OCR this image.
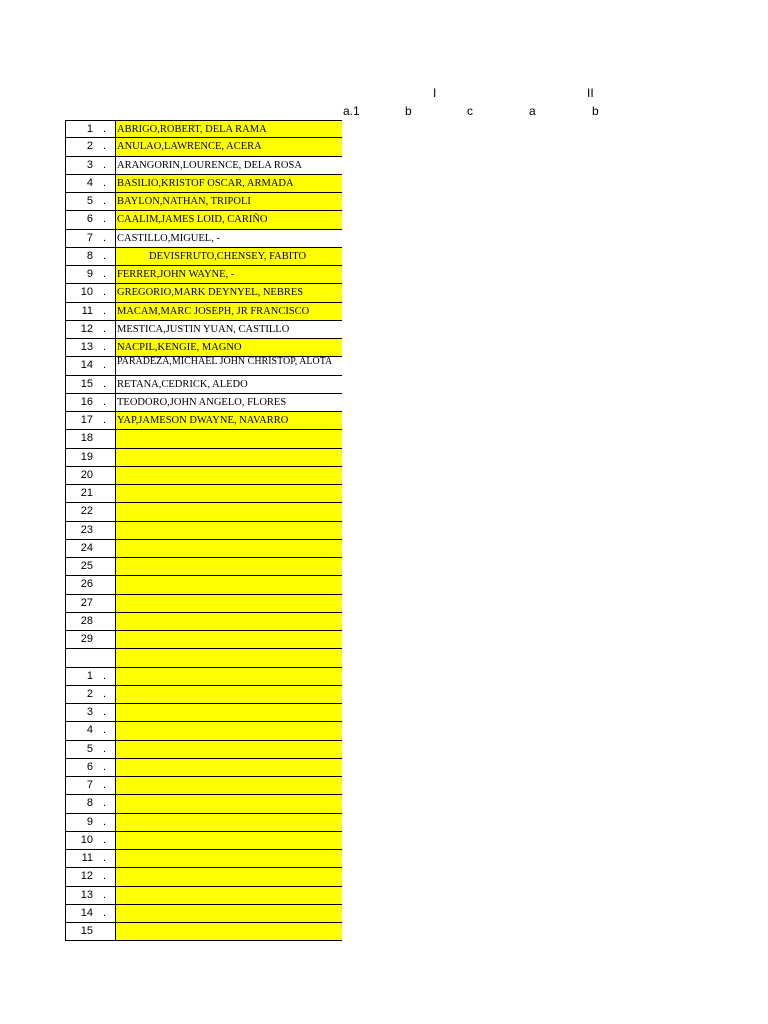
I	II
a.1	b	c	a	b
1 . ABRIGO,ROBERT, DELA RAMA
2 . ANULAO,LAWRENCE, ACERA
3 . ARANGORIN,LOURENCE, DELA ROSA
4 . BASILIO,KRISTOF OSCAR, ARMADA
5 . BAYLON,NATHAN, TRIPOLI
6 . CAALIM,JAMES LOID, CARIÑO
7 . CASTILLO,MIGUEL, -
8 .	DEVISFRUTO,CHENSEY, FABITO
9 . FERRER,JOHN WAYNE, -
10 . GREGORIO,MARK DEYNYEL, NEBRES
11 . MACAM,MARC JOSEPH, JR FRANCISCO
12 . MESTICA,JUSTIN YUAN, CASTILLO
13 . NACPIL,KENGIE, MAGNO
14 . PARADEZA,MICHAEL JOHN CHRISTOP, ALOTA
15 . RETANA,CEDRICK, ALEDO
16 . TEODORO,JOHN ANGELO, FLORES
17 . YAP,JAMESON DWAYNE, NAVARRO
18
19
20
21
22
23
24
25
26
27
28
29
1 .
2 .
3 .
4 .
5 .
6 .
7 .
8 .
9 .
10 .
11 .
12 .
13 .
14 .
15
